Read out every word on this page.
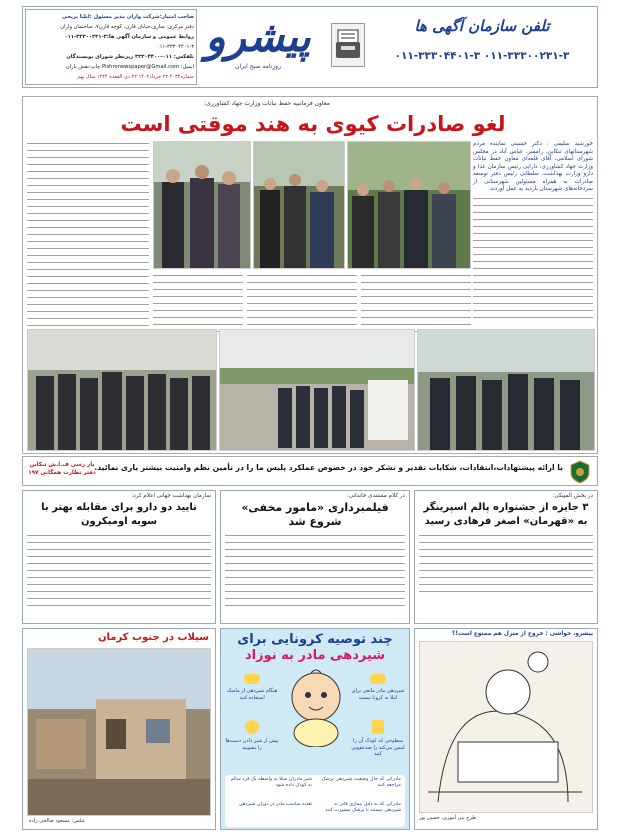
صاحب امتیاز:شرکت واران مدیر مسئول :ایلیا پریخی
دفتر مرکزی: ساری،خیابان قارن، کوچه قارن۷، ساختمان واران
روابط عمومی و سازمان آگهی ها:۳-۳۳۳۰۰۲۳۱-۰۱۱
۰۱۱-۳۳۳۰۴۴۰۱-۳
تلفکس: ۰۱۱-۳۳۳۰۴۴۰۰ زیرنظر شورای نویسندگان
ایمیل: Pishronewspaper@Gmail.com چاپ:نقش باران
شماره۴۰۳۴ ۲۲ خرداد۱۴۰۲ ۲۲ ذی القعده ۱۴۴۴ سال نهم
پیشرو
روزنامه صبح ایران
تلفن سازمان آگهی ها
۰۱۱-۳۳۳۰۰۲۳۱-۳ ۰۱۱-۳۳۳۰۴۴۰۱-۳
معاون فرمانبیه حفظ نباتات وزارت جهاد کشاورزی:
لغو صادرات کیوی به هند موقتی است
خورشید سلیمی : دکتر حسینی نماینده مردم شهرستانهای تنکابن، رامسر، عباس آباد در مجلس شورای اسلامی، آقای قلعه‌ای معاون حفظ نباتات وزارت جهاد کشاورزی، دارایی رئیس سازمان غذا و دارو وزارت بهداشت، سلطانی رئیس دفتر توسعه صادرات به همراه مسئولین شهرستانی از سردخانه‌های شهرستان بازدید به عمل آوردند.
با ارائه پیشنهادات،انتقادات، شکایات تقدیر و تشکر خود در خصوص عملکرد پلیس ما را در تأمین نظم وامنیت بیشتر یاری نمائید.
باز رسی ف.ا.ش تنکابن
دفتر نظارت همگانی ۱۹۷
در بخش المپیکی:
۳ جایزه از جشنواره پالم اسپرینگز به «قهرمان» اصغر فرهادی رسید
در کلام مستندی خاندانی:
فیلمبرداری «مامور مخفی» شروع شد
سازمان بهداشت جهانی اعلام کرد:
تایید دو دارو برای مقابله بهتر با سویه اومیکرون
پیشرو، حواشی : خروج از منزل هم ممنوع است!؟
طرح نبی آموری، حسین پور
چند توصیه کرونایی برای
شیردهی مادر به نوزاد
شیردهی مادر مانعی برای ابتلا به کرونا نیست
هنگام شیردهی از ماسک استفاده کنید
پیش از شیر دادن دست‌ها را بشویید
سطوحی که کودک آن را لمس می‌کند را ضدعفونی کنید
مادرانی که حال وضعیت شیردهی پزشک مراجعه کنند
شیر مادران مبتلا به واسطه یک فرد سالم به کودک داده شود
مادرانی که به دلیل بیماری قادر به شیردهی نیستند با پزشک مشورت کنند
تغذیه مناسب مادر در دوران شیردهی
سیلاب در جنوب کرمان
عکس: مسعود صالحی زاده
